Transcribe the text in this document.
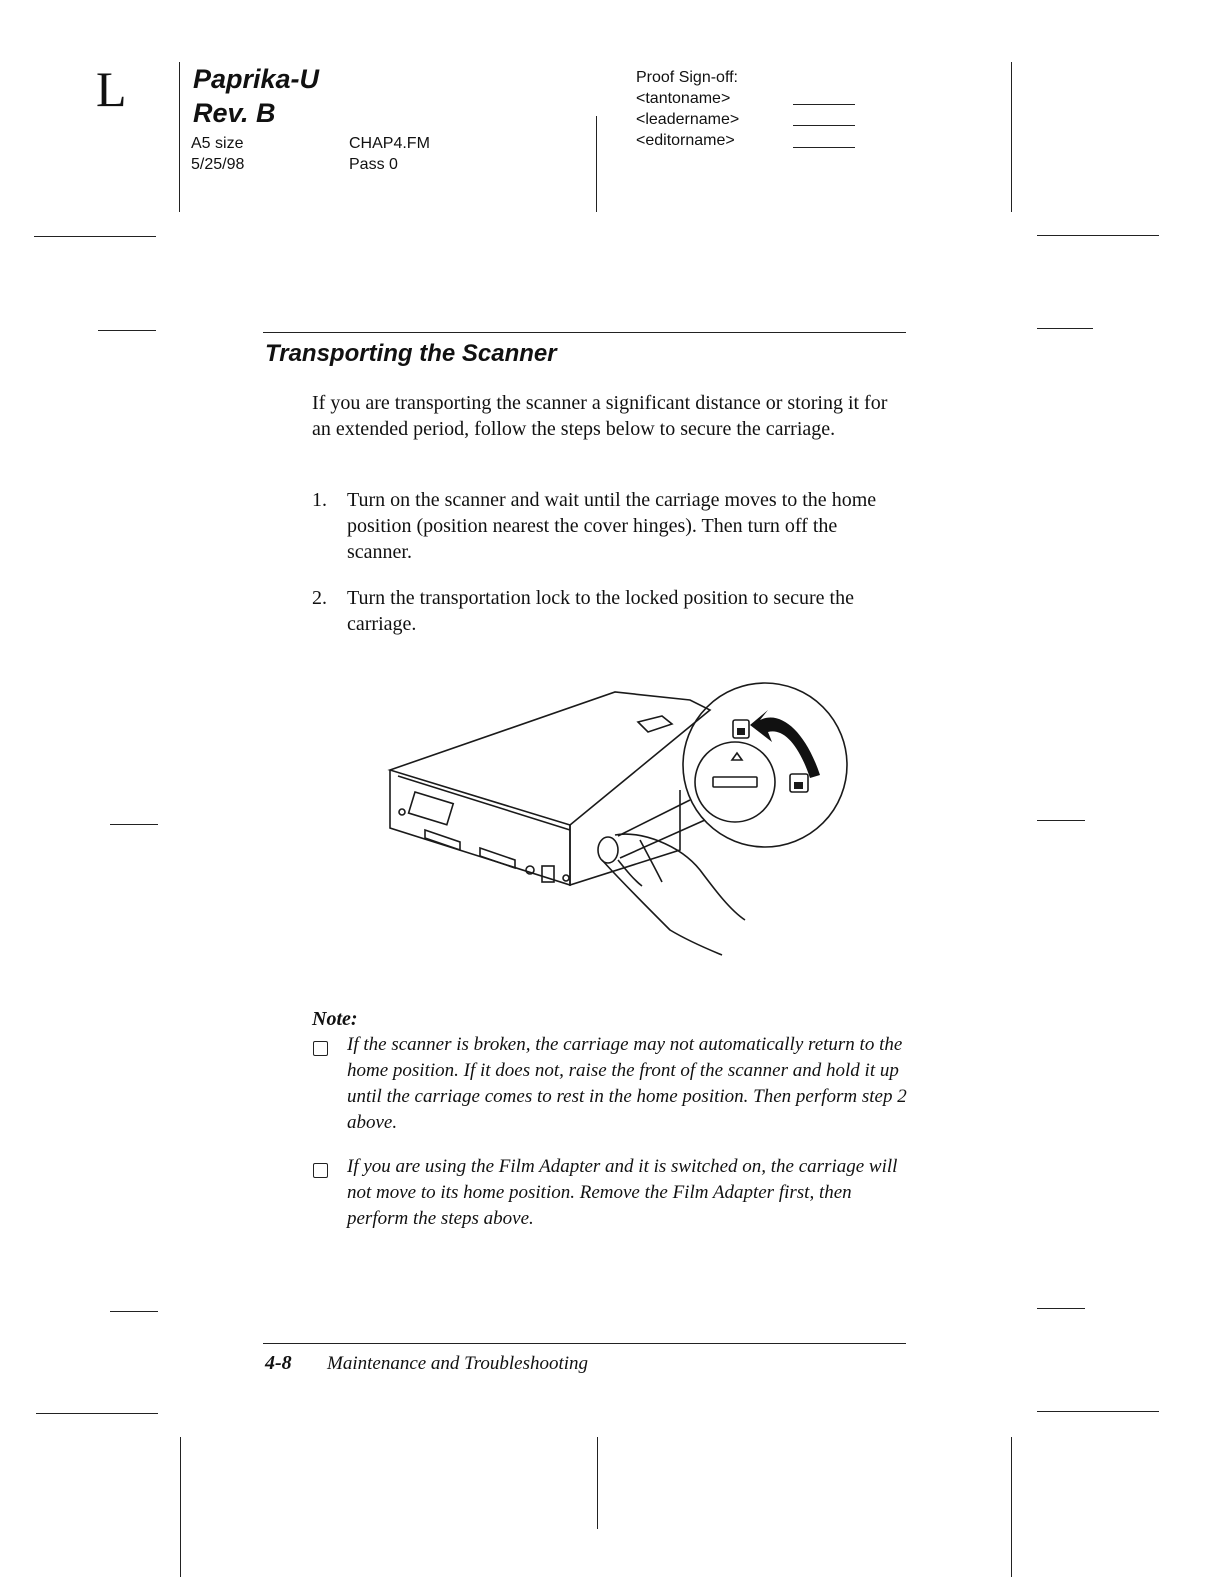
L Paprika-U
Rev. B
A5 size
5/25/98
CHAP4.FM
Pass 0
Proof Sign-off:
<tantoname>
<leadername>
<editorname>
Transporting the Scanner
If you are transporting the scanner a significant distance or storing it for an extended period, follow the steps below to secure the carriage.
1. Turn on the scanner and wait until the carriage moves to the home position (position nearest the cover hinges). Then turn off the scanner.
2. Turn the transportation lock to the locked position to secure the carriage.
Note:
If the scanner is broken, the carriage may not automatically return to the home position. If it does not, raise the front of the scanner and hold it up until the carriage comes to rest in the home position. Then perform step 2 above.
If you are using the Film Adapter and it is switched on, the carriage will not move to its home position. Remove the Film Adapter first, then perform the steps above.
4-8 Maintenance and Troubleshooting
